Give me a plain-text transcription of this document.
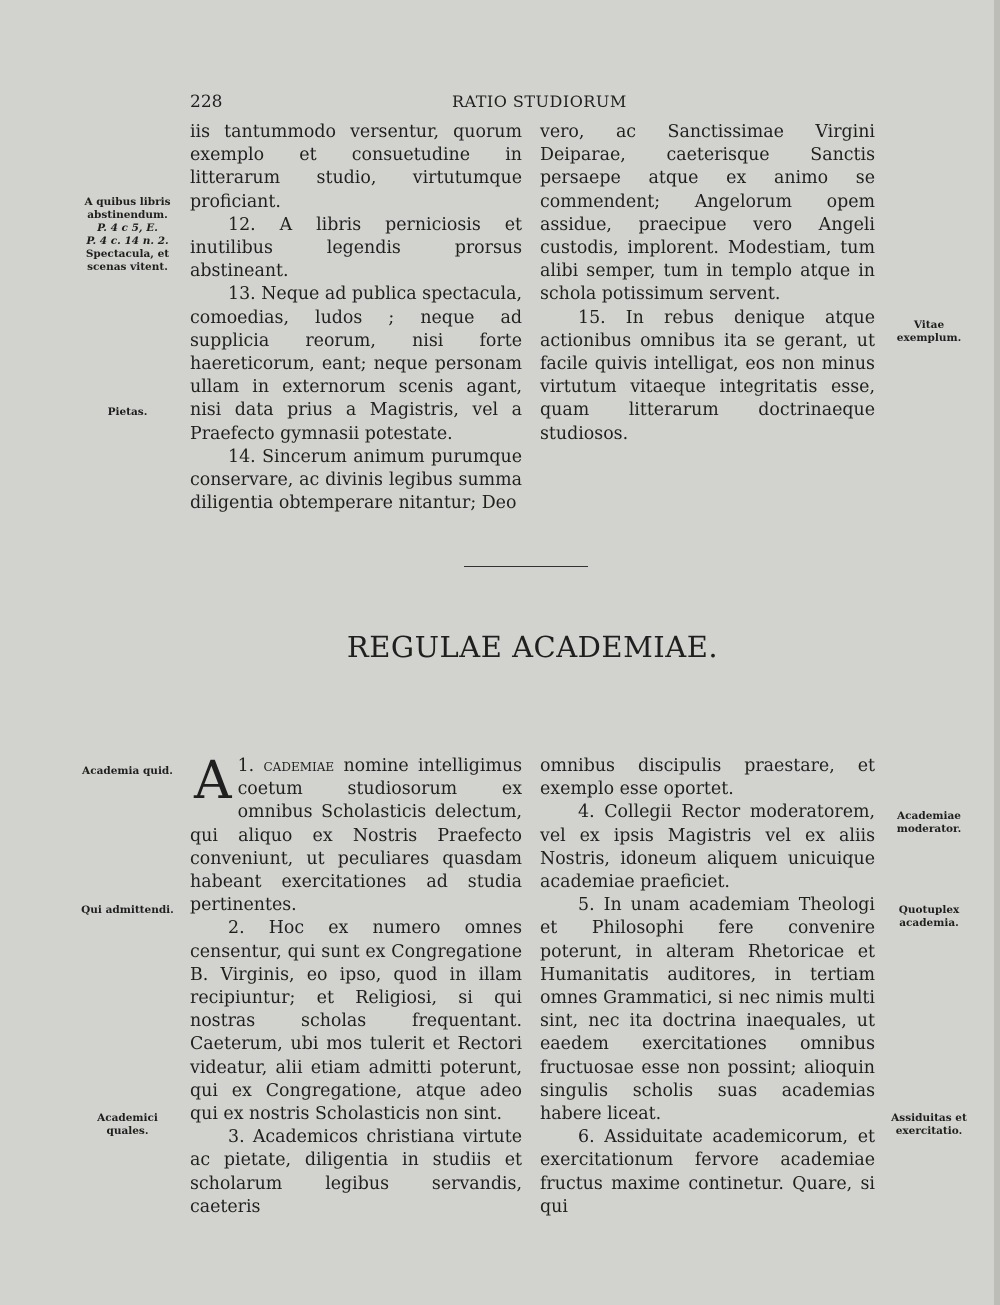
228	RATIO STUDIORUM
A quibus libris abstinendum.
P. 4 c 5, E.
P. 4 c. 14 n. 2.
Spectacula, et scenas vitent.
Pietas.
Academia quid.
Qui admittendi.
Academici quales.
Vitae exemplum.
Academiae moderator.
Quotuplex academia.
Assiduitas et exercitatio.

iis tantummodo versentur, quorum exemplo et consuetudine in litterarum studio, virtutumque proficiant.

12. A libris perniciosis et inutilibus legendis prorsus abstineant.

13. Neque ad publica spectacula, comoedias, ludos ; neque ad supplicia reorum, nisi forte haereticorum, eant; neque personam ullam in externorum scenis agant, nisi data prius a Magistris, vel a Praefecto gymnasii potestate.

14. Sincerum animum purumque conservare, ac divinis legibus summa diligentia obtemperare nitantur; Deo

vero, ac Sanctissimae Virgini Deiparae, caeterisque Sanctis persaepe atque ex animo se commendent; Angelorum opem assidue, praecipue vero Angeli custodis, implorent. Modestiam, tum alibi semper, tum in templo atque in schola potissimum servent.

15. In rebus denique atque actionibus omnibus ita se gerant, ut facile quivis intelligat, eos non minus virtutum vitaeque integritatis esse, quam litterarum doctrinaeque studiosos.

REGULAE ACADEMIAE.

1.
A cademiae nomine intelligimus coetum studiosorum ex omnibus Scholasticis delectum, qui aliquo ex Nostris Praefecto conveniunt, ut peculiares quasdam habeant exercitationes ad studia pertinentes.

2. Hoc ex numero omnes censentur, qui sunt ex Congregatione B. Virginis, eo ipso, quod in illam recipiuntur; et Religiosi, si qui nostras scholas frequentant. Caeterum, ubi mos tulerit et Rectori videatur, alii etiam admitti poterunt, qui ex Congregatione, atque adeo qui ex nostris Scholasticis non sint.

3. Academicos christiana virtute ac pietate, diligentia in studiis et scholarum legibus servandis, caeteris

omnibus discipulis praestare, et exemplo esse oportet.

4. Collegii Rector moderatorem, vel ex ipsis Magistris vel ex aliis Nostris, idoneum aliquem unicuique academiae praeficiet.

5. In unam academiam Theologi et Philosophi fere convenire poterunt, in alteram Rhetoricae et Humanitatis auditores, in tertiam omnes Grammatici, si nec nimis multi sint, nec ita doctrina inaequales, ut eaedem exercitationes omnibus fructuosae esse non possint; alioquin singulis scholis suas academias habere liceat.

6. Assiduitate academicorum, et exercitationum fervore academiae fructus maxime continetur. Quare, si qui
